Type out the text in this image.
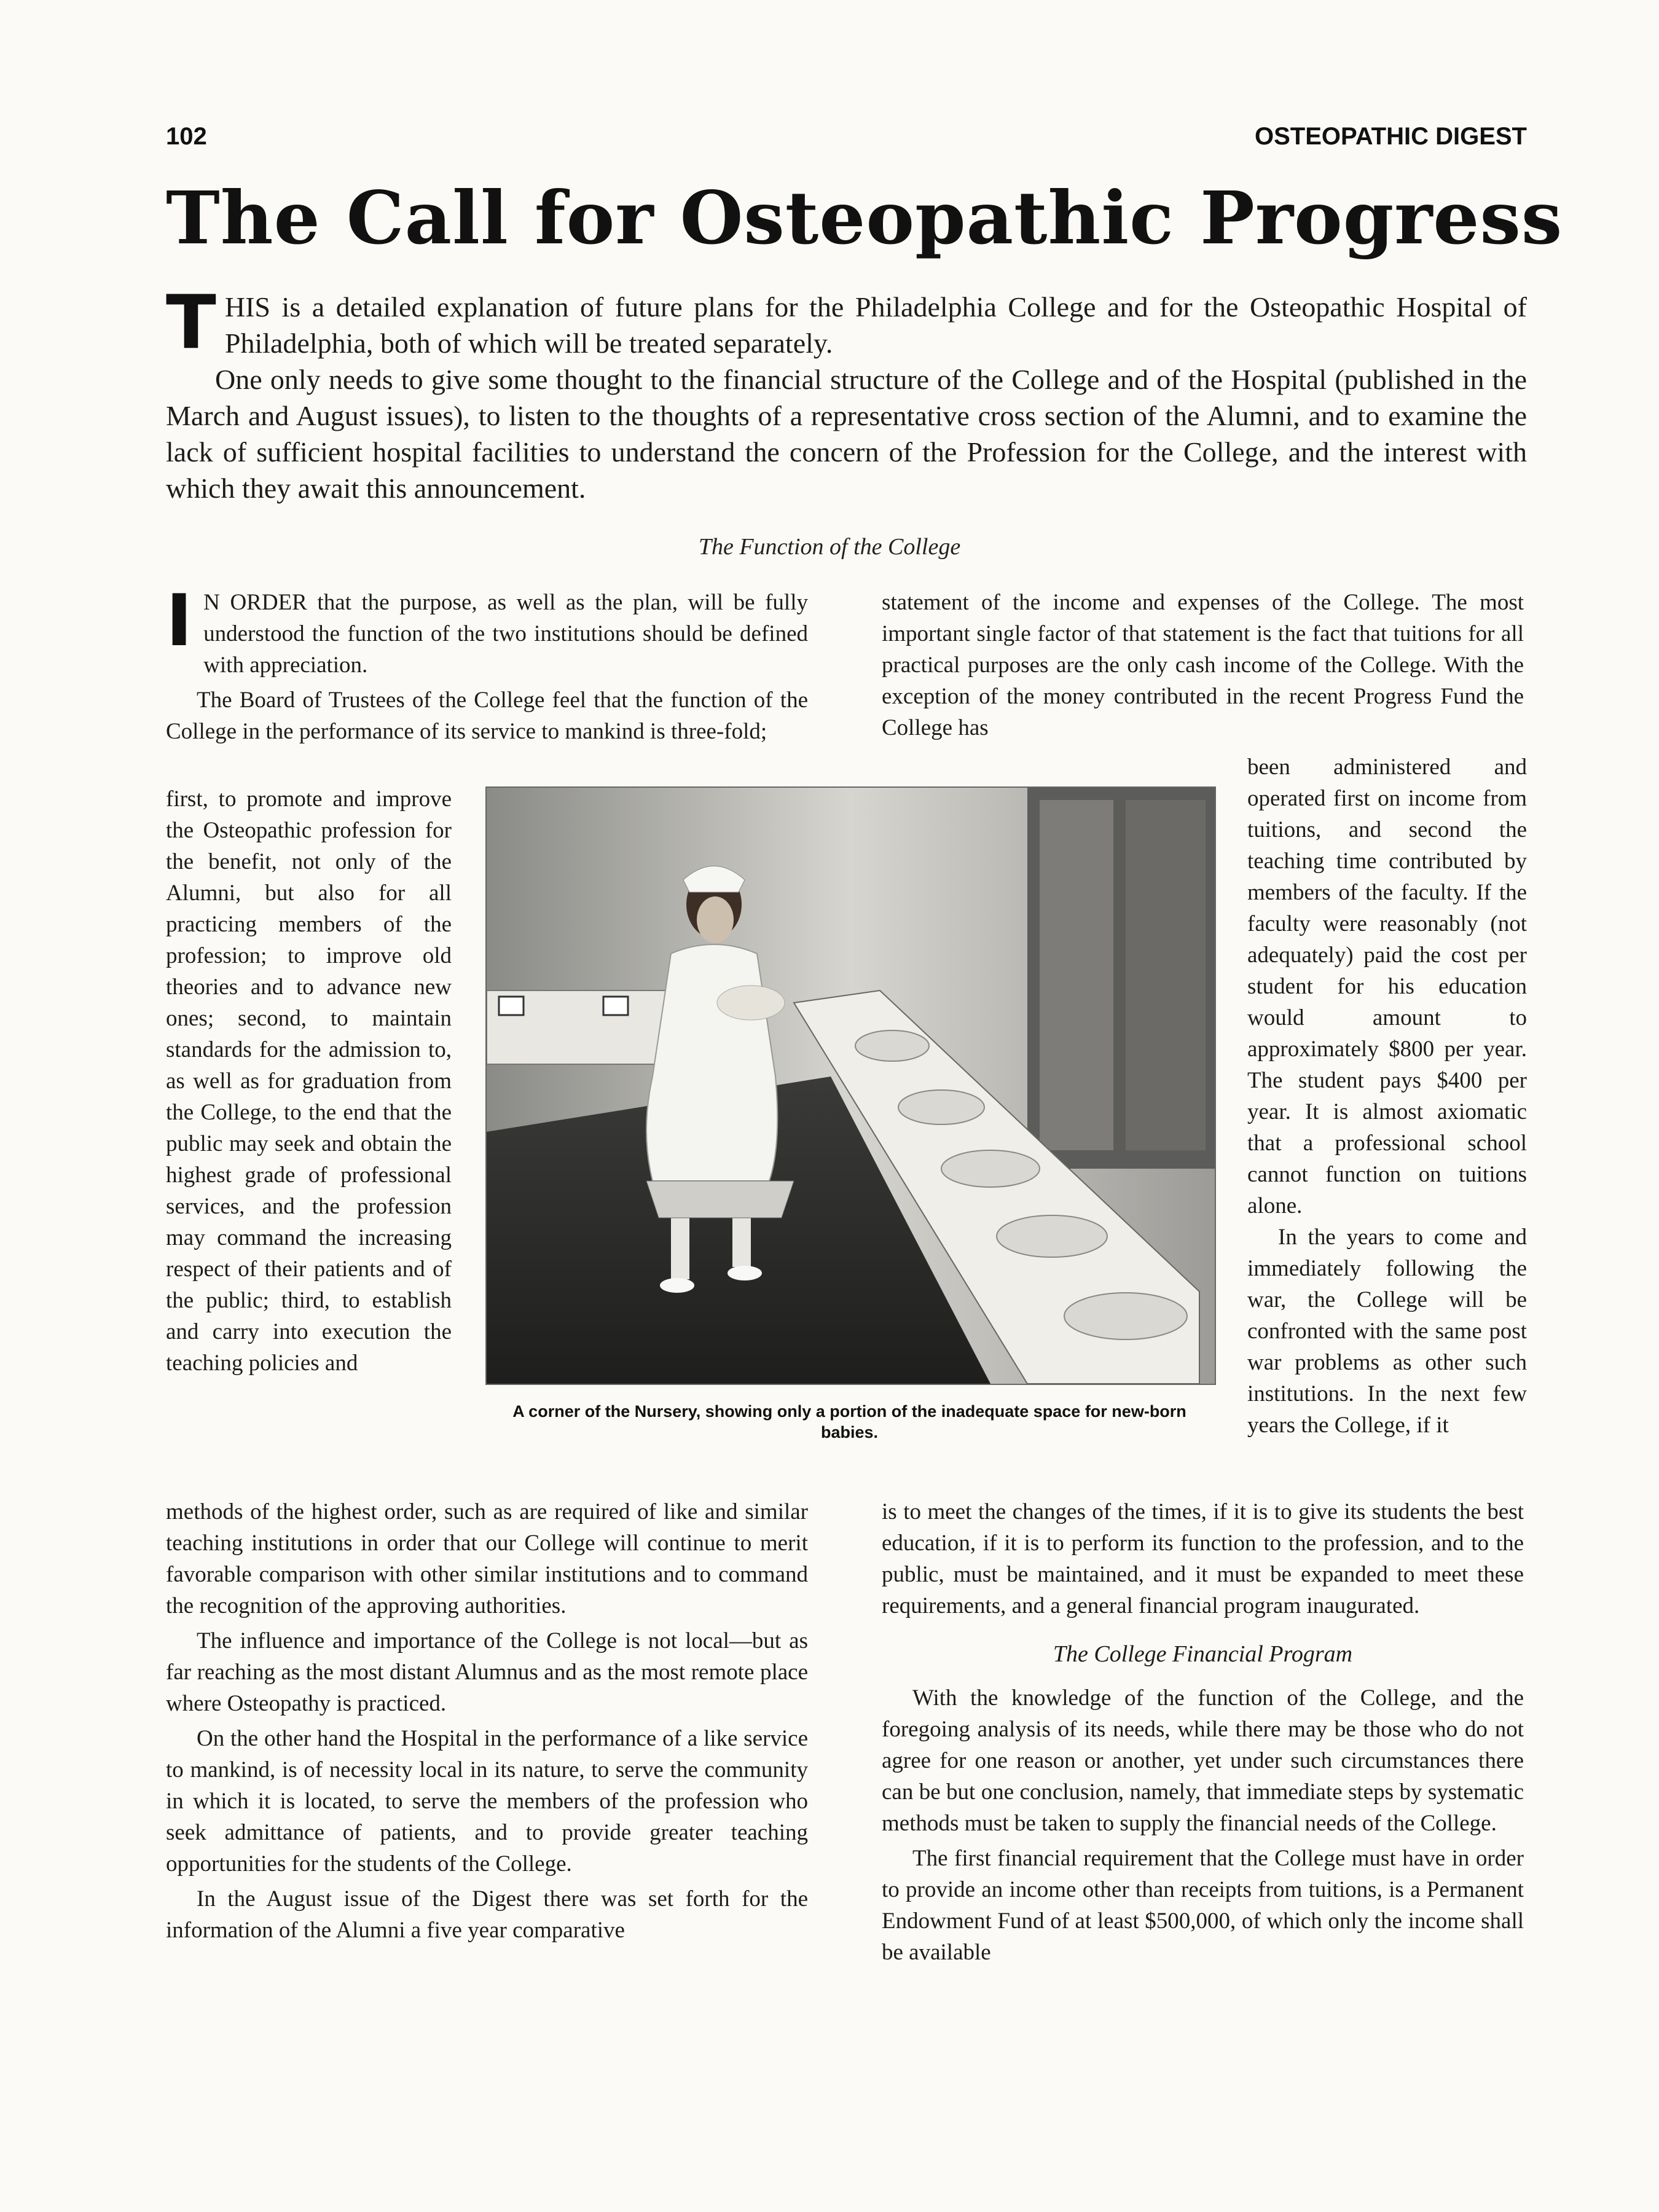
102	OSTEOPATHIC DIGEST
The Call for Osteopathic Progress

THIS is a detailed explanation of future plans for the Philadelphia College and for the Osteopathic Hospital of Philadelphia, both of which will be treated separately.

One only needs to give some thought to the financial structure of the College and of the Hospital (published in the March and August issues), to listen to the thoughts of a representative cross section of the Alumni, and to examine the lack of sufficient hospital facilities to understand the concern of the Profession for the College, and the interest with which they await this announcement.

The Function of the College

I N ORDER that the purpose, as well as the plan, will be fully understood the function of the two institutions should be defined with appreciation.

The Board of Trustees of the College feel that the function of the College in the performance of its service to mankind is three-fold;

first, to promote and improve the Osteopathic profession for the benefit, not only of the Alumni, but also for all practicing members of the profession; to improve old theories and to advance new ones; second, to maintain standards for the admission to, as well as for graduation from the College, to the end that the public may seek and obtain the highest grade of professional services, and the profession may command the increasing respect of their patients and of the public; third, to establish and carry into execution the teaching policies and

methods of the highest order, such as are required of like and similar teaching institutions in order that our College will continue to merit favorable comparison with other similar institutions and to command the recognition of the approving authorities.

The influence and importance of the College is not local—but as far reaching as the most distant Alumnus and as the most remote place where Osteopathy is practiced.

On the other hand the Hospital in the performance of a like service to mankind, is of necessity local in its nature, to serve the community in which it is located, to serve the members of the profession who seek admittance of patients, and to provide greater teaching opportunities for the students of the College.

In the August issue of the Digest there was set forth for the information of the Alumni a five year comparative

statement of the income and expenses of the College. The most important single factor of that statement is the fact that tuitions for all practical purposes are the only cash income of the College. With the exception of the money contributed in the recent Progress Fund the College has

been administered and operated first on income from tuitions, and second the teaching time contributed by members of the faculty. If the faculty were reasonably (not adequately) paid the cost per student for his education would amount to approximately $800 per year. The student pays $400 per year. It is almost axiomatic that a professional school cannot function on tuitions alone.

In the years to come and immediately following the war, the College will be confronted with the same post war problems as other such institutions. In the next few years the College, if it

is to meet the changes of the times, if it is to give its students the best education, if it is to perform its function to the profession, and to the public, must be maintained, and it must be expanded to meet these requirements, and a general financial program inaugurated.

The College Financial Program

With the knowledge of the function of the College, and the foregoing analysis of its needs, while there may be those who do not agree for one reason or another, yet under such circumstances there can be but one conclusion, namely, that immediate steps by systematic methods must be taken to supply the financial needs of the College.

The first financial requirement that the College must have in order to provide an income other than receipts from tuitions, is a Permanent Endowment Fund of at least $500,000, of which only the income shall be available

A corner of the Nursery, showing only a portion of the inadequate space for new-born babies.
